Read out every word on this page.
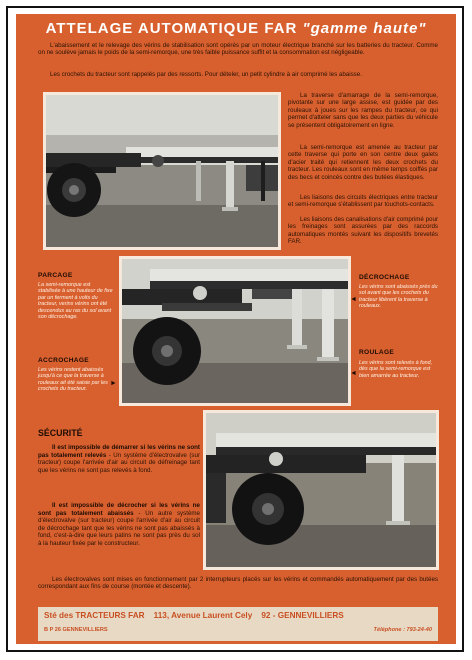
ATTELAGE AUTOMATIQUE FAR "gamme haute"
L'abaissement et le relevage des vérins de stabilisation sont opérés par un moteur électrique branché sur les batteries du tracteur. Comme on ne soulève jamais le poids de la semi-remorque, une très faible puissance suffit et la consommation est négligeable.
Les crochets du tracteur sont rappelés par des ressorts. Pour dételer, un petit cylindre à air comprimé les abaisse.
La traverse d'amarrage de la semi-remorque, pivotante sur une large assise, est guidée par des rouleaux à joues sur les rampes du tracteur, ce qui permet d'atteler sans que les deux parties du véhicule se présentent obligatoirement en ligne.
La semi-remorque est amenée au tracteur par cette traverse qui porte en son centre deux galets d'acier traité qui retiennent les deux crochets du tracteur. Les rouleaux sont en même temps coiffés par des becs et coincés contre des butées élastiques.
Les liaisons des circuits électriques entre tracteur et semi-remorque s'établissent par touchots-contacts.
Les liaisons des canalisations d'air comprimé pour les freinages sont assurées par des raccords automatiques montés suivant les dispositifs brevetés FAR.
PARCAGE
La semi-remorque est stabilisée à une hauteur de fixe par un ferment à volts du tracteur, verins vérins ont été descendus au ras du sol avant son décrochage.
ACCROCHAGE
Les vérins restent abaissés jusqu'à ce que la traverse à rouleaux ait été saisie par les crochets du tracteur.
►
DÉCROCHAGE
◄
Les vérins sont abaissés près du sol avant que les crochets du tracteur libèrent la traverse à rouleaux.
ROULAGE
◄
Les vérins sont relevés à fond, dès que la semi-remorque est bien amarrée au tracteur.
SÉCURITÉ
Il est impossible de démarrer si les vérins ne sont pas totalement relevés - Un système d'électrovalve (sur tracteur) coupe l'arrivée d'air au circuit de défreinage tant que les vérins ne sont pas relevés à fond.
Il est impossible de décrocher si les vérins ne sont pas totalement abaissés - Un autre système d'électrovalve (sur tracteur) coupe l'arrivée d'air au circuit de décrochage tant que les vérins ne sont pas abaissés à fond, c'est-à-dire que leurs patins ne sont pas près du sol à la hauteur fixée par le constructeur.
Les électrovalves sont mises en fonctionnement par 2 interrupteurs placés sur les vérins et commandés automatiquement par des butées correspondant aux fins de course (montée et descente).
Sté des TRACTEURS FAR 113, Avenue Laurent Cely 92 - GENNEVILLIERS
B P 26 GENNEVILLIERS	Téléphone : 793-24-40
